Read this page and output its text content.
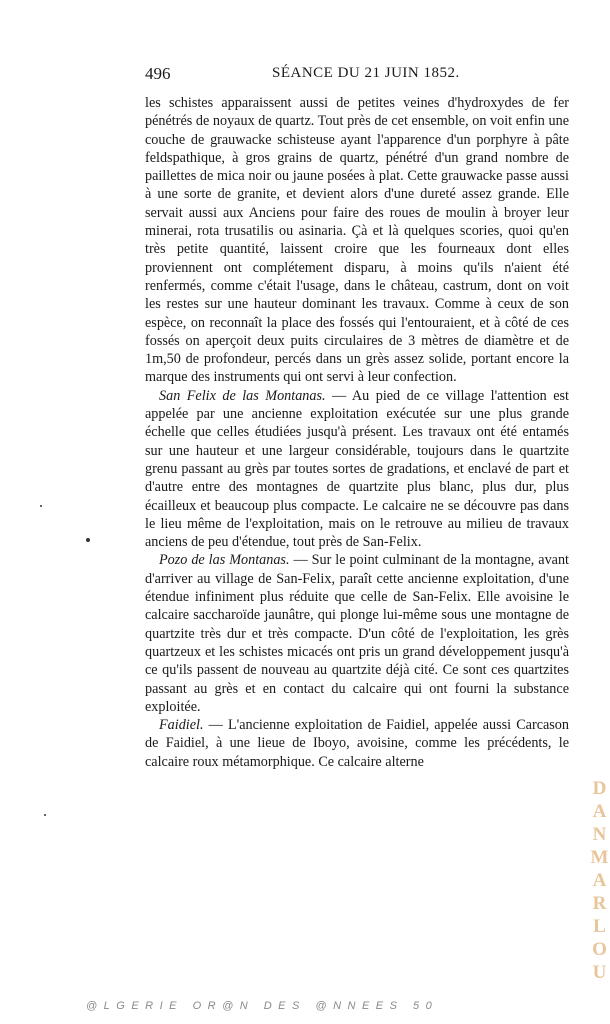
496	SÉANCE DU 21 JUIN 1852.

les schistes apparaissent aussi de petites veines d'hydroxydes de fer pénétrés de noyaux de quartz. Tout près de cet ensemble, on voit enfin une couche de grauwacke schisteuse ayant l'apparence d'un porphyre à pâte feldspathique, à gros grains de quartz, pénétré d'un grand nombre de paillettes de mica noir ou jaune posées à plat. Cette grauwacke passe aussi à une sorte de granite, et devient alors d'une dureté assez grande. Elle servait aussi aux Anciens pour faire des roues de moulin à broyer leur minerai, rota trusatilis ou asinaria. Çà et là quelques scories, quoi qu'en très petite quantité, laissent croire que les fourneaux dont elles proviennent ont complétement disparu, à moins qu'ils n'aient été renfermés, comme c'était l'usage, dans le château, castrum, dont on voit les restes sur une hauteur dominant les travaux. Comme à ceux de son espèce, on reconnaît la place des fossés qui l'entouraient, et à côté de ces fossés on aperçoit deux puits circulaires de 3 mètres de diamètre et de 1m,50 de profondeur, percés dans un grès assez solide, portant encore la marque des instruments qui ont servi à leur confection.

San Felix de las Montanas. — Au pied de ce village l'attention est appelée par une ancienne exploitation exécutée sur une plus grande échelle que celles étudiées jusqu'à présent. Les travaux ont été entamés sur une hauteur et une largeur considérable, toujours dans le quartzite grenu passant au grès par toutes sortes de gradations, et enclavé de part et d'autre entre des montagnes de quartzite plus blanc, plus dur, plus écailleux et beaucoup plus compacte. Le calcaire ne se découvre pas dans le lieu même de l'exploitation, mais on le retrouve au milieu de travaux anciens de peu d'étendue, tout près de San-Felix.

Pozo de las Montanas. — Sur le point culminant de la montagne, avant d'arriver au village de San-Felix, paraît cette ancienne exploitation, d'une étendue infiniment plus réduite que celle de San-Felix. Elle avoisine le calcaire saccharoïde jaunâtre, qui plonge lui-même sous une montagne de quartzite très dur et très compacte. D'un côté de l'exploitation, les grès quartzeux et les schistes micacés ont pris un grand développement jusqu'à ce qu'ils passent de nouveau au quartzite déjà cité. Ce sont ces quartzites passant au grès et en contact du calcaire qui ont fourni la substance exploitée.

Faidiel. — L'ancienne exploitation de Faidiel, appelée aussi Carcason de Faidiel, à une lieue de Iboyo, avoisine, comme les précédents, le calcaire roux métamorphique. Ce calcaire alterne

DANMARLOU
@LGERIE OR@N DES @NNEES 50
